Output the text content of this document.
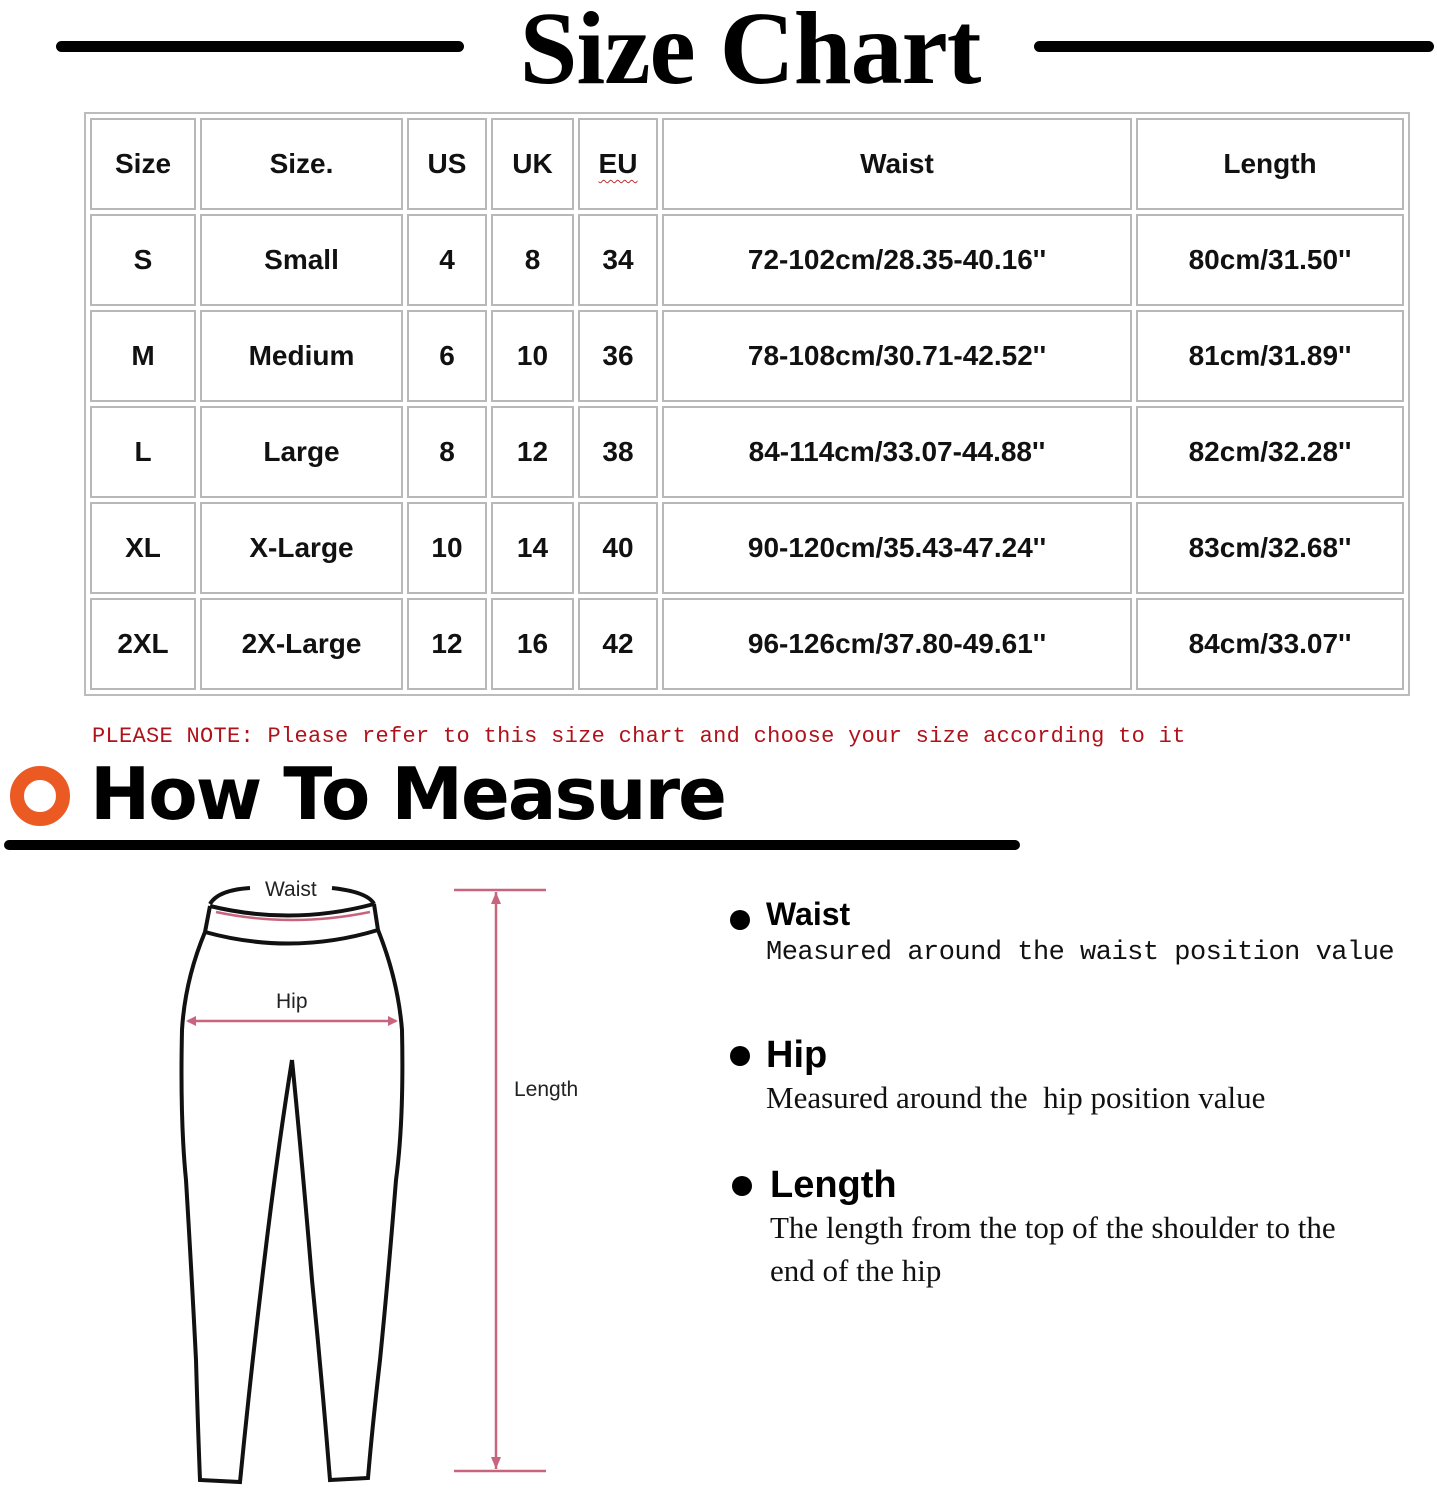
Size Chart
Size	Size.	US	UK	EU	Waist	Length
S	Small	4	8	34	72-102cm/28.35-40.16''	80cm/31.50''
M	Medium	6	10	36	78-108cm/30.71-42.52''	81cm/31.89''
L	Large	8	12	38	84-114cm/33.07-44.88''	82cm/32.28''
XL	X-Large	10	14	40	90-120cm/35.43-47.24''	83cm/32.68''
2XL	2X-Large	12	16	42	96-126cm/37.80-49.61''	84cm/33.07''

PLEASE NOTE: Please refer to this size chart and choose your size according to it

How To Measure
Waist
Hip
Length

Waist

Measured around the waist position value

Hip

Measured around the  hip position value

Length

The length from the top of the shoulder to the end of the hip
